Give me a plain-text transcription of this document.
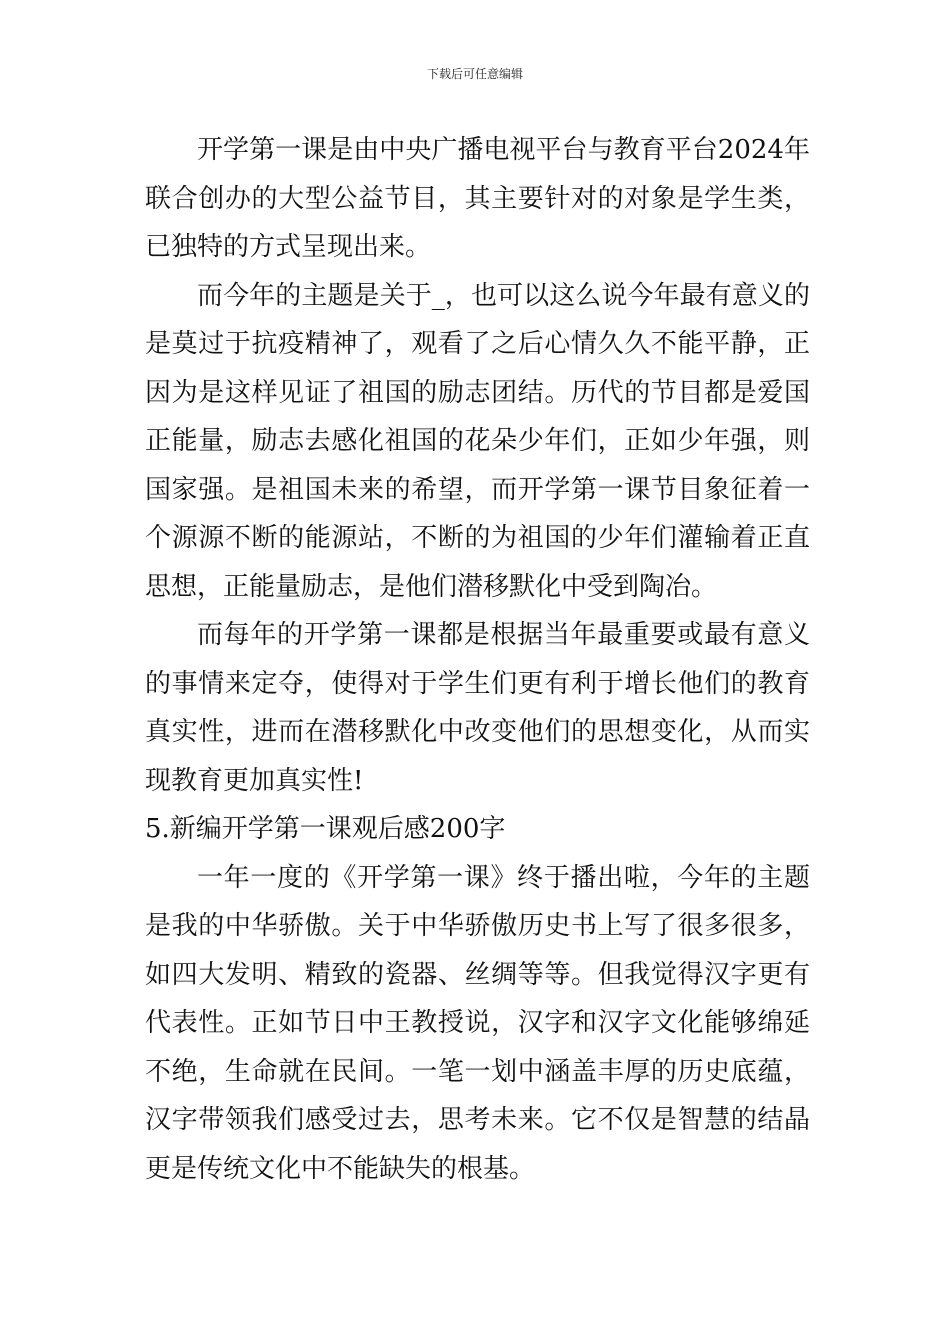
下载后可任意编辑

开学第一课是由中央广播电视平台与教育平台2024年联合创办的大型公益节目，其主要针对的对象是学生类，已独特的方式呈现出来。

而今年的主题是关于_，也可以这么说今年最有意义的是莫过于抗疫精神了，观看了之后心情久久不能平静，正因为是这样见证了祖国的励志团结。历代的节目都是爱国正能量，励志去感化祖国的花朵少年们，正如少年强，则国家强。是祖国未来的希望，而开学第一课节目象征着一个源源不断的能源站，不断的为祖国的少年们灌输着正直思想，正能量励志，是他们潜移默化中受到陶冶。

而每年的开学第一课都是根据当年最重要或最有意义的事情来定夺，使得对于学生们更有利于增长他们的教育真实性，进而在潜移默化中改变他们的思想变化，从而实现教育更加真实性!

5.新编开学第一课观后感200字

一年一度的《开学第一课》终于播出啦，今年的主题是我的中华骄傲。关于中华骄傲历史书上写了很多很多，如四大发明、精致的瓷器、丝绸等等。但我觉得汉字更有代表性。正如节日中王教授说，汉字和汉字文化能够绵延不绝，生命就在民间。一笔一划中涵盖丰厚的历史底蕴，汉字带领我们感受过去，思考未来。它不仅是智慧的结晶更是传统文化中不能缺失的根基。
